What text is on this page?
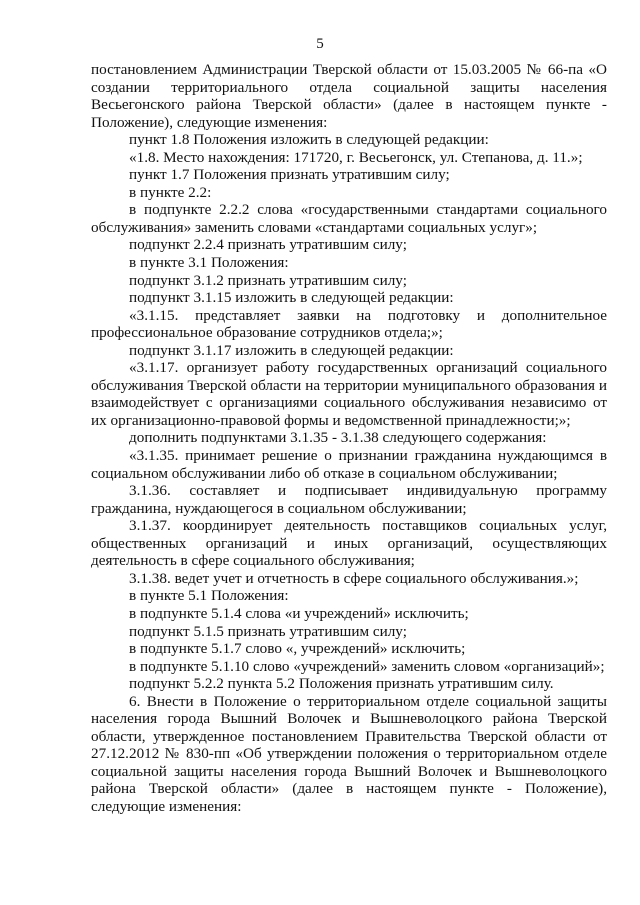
5

постановлением Администрации Тверской области от 15.03.2005 № 66-па «О создании территориального отдела социальной защиты населения Весьегонского района Тверской области» (далее в настоящем пункте - Положение), следующие изменения:

пункт 1.8 Положения изложить в следующей редакции:

«1.8. Место нахождения: 171720, г. Весьегонск, ул. Степанова, д. 11.»;

пункт 1.7 Положения признать утратившим силу;

в пункте 2.2:

в подпункте 2.2.2 слова «государственными стандартами социального обслуживания» заменить словами «стандартами социальных услуг»;

подпункт 2.2.4 признать утратившим силу;

в пункте 3.1 Положения:

подпункт 3.1.2 признать утратившим силу;

подпункт 3.1.15 изложить в следующей редакции:

«3.1.15. представляет заявки на подготовку и дополнительное профессиональное образование сотрудников отдела;»;

подпункт 3.1.17 изложить в следующей редакции:

«3.1.17. организует работу государственных организаций социального обслуживания Тверской области на территории муниципального образования и взаимодействует с организациями социального обслуживания независимо от их организационно-правовой формы и ведомственной принадлежности;»;

дополнить подпунктами 3.1.35 - 3.1.38 следующего содержания:

«3.1.35. принимает решение о признании гражданина нуждающимся в социальном обслуживании либо об отказе в социальном обслуживании;

3.1.36. составляет и подписывает индивидуальную программу гражданина, нуждающегося в социальном обслуживании;

3.1.37. координирует деятельность поставщиков социальных услуг, общественных организаций и иных организаций, осуществляющих деятельность в сфере социального обслуживания;

3.1.38. ведет учет и отчетность в сфере социального обслуживания.»;

в пункте 5.1 Положения:

в подпункте 5.1.4 слова «и учреждений» исключить;

подпункт 5.1.5 признать утратившим силу;

в подпункте 5.1.7 слово «, учреждений» исключить;

в подпункте 5.1.10 слово «учреждений» заменить словом «организаций»;

подпункт 5.2.2 пункта 5.2 Положения признать утратившим силу.

6. Внести в Положение о территориальном отделе социальной защиты населения города Вышний Волочек и Вышневолоцкого района Тверской области, утвержденное постановлением Правительства Тверской области от 27.12.2012 № 830-пп «Об утверждении положения о территориальном отделе социальной защиты населения города Вышний Волочек и Вышневолоцкого района Тверской области» (далее в настоящем пункте - Положение), следующие изменения:
